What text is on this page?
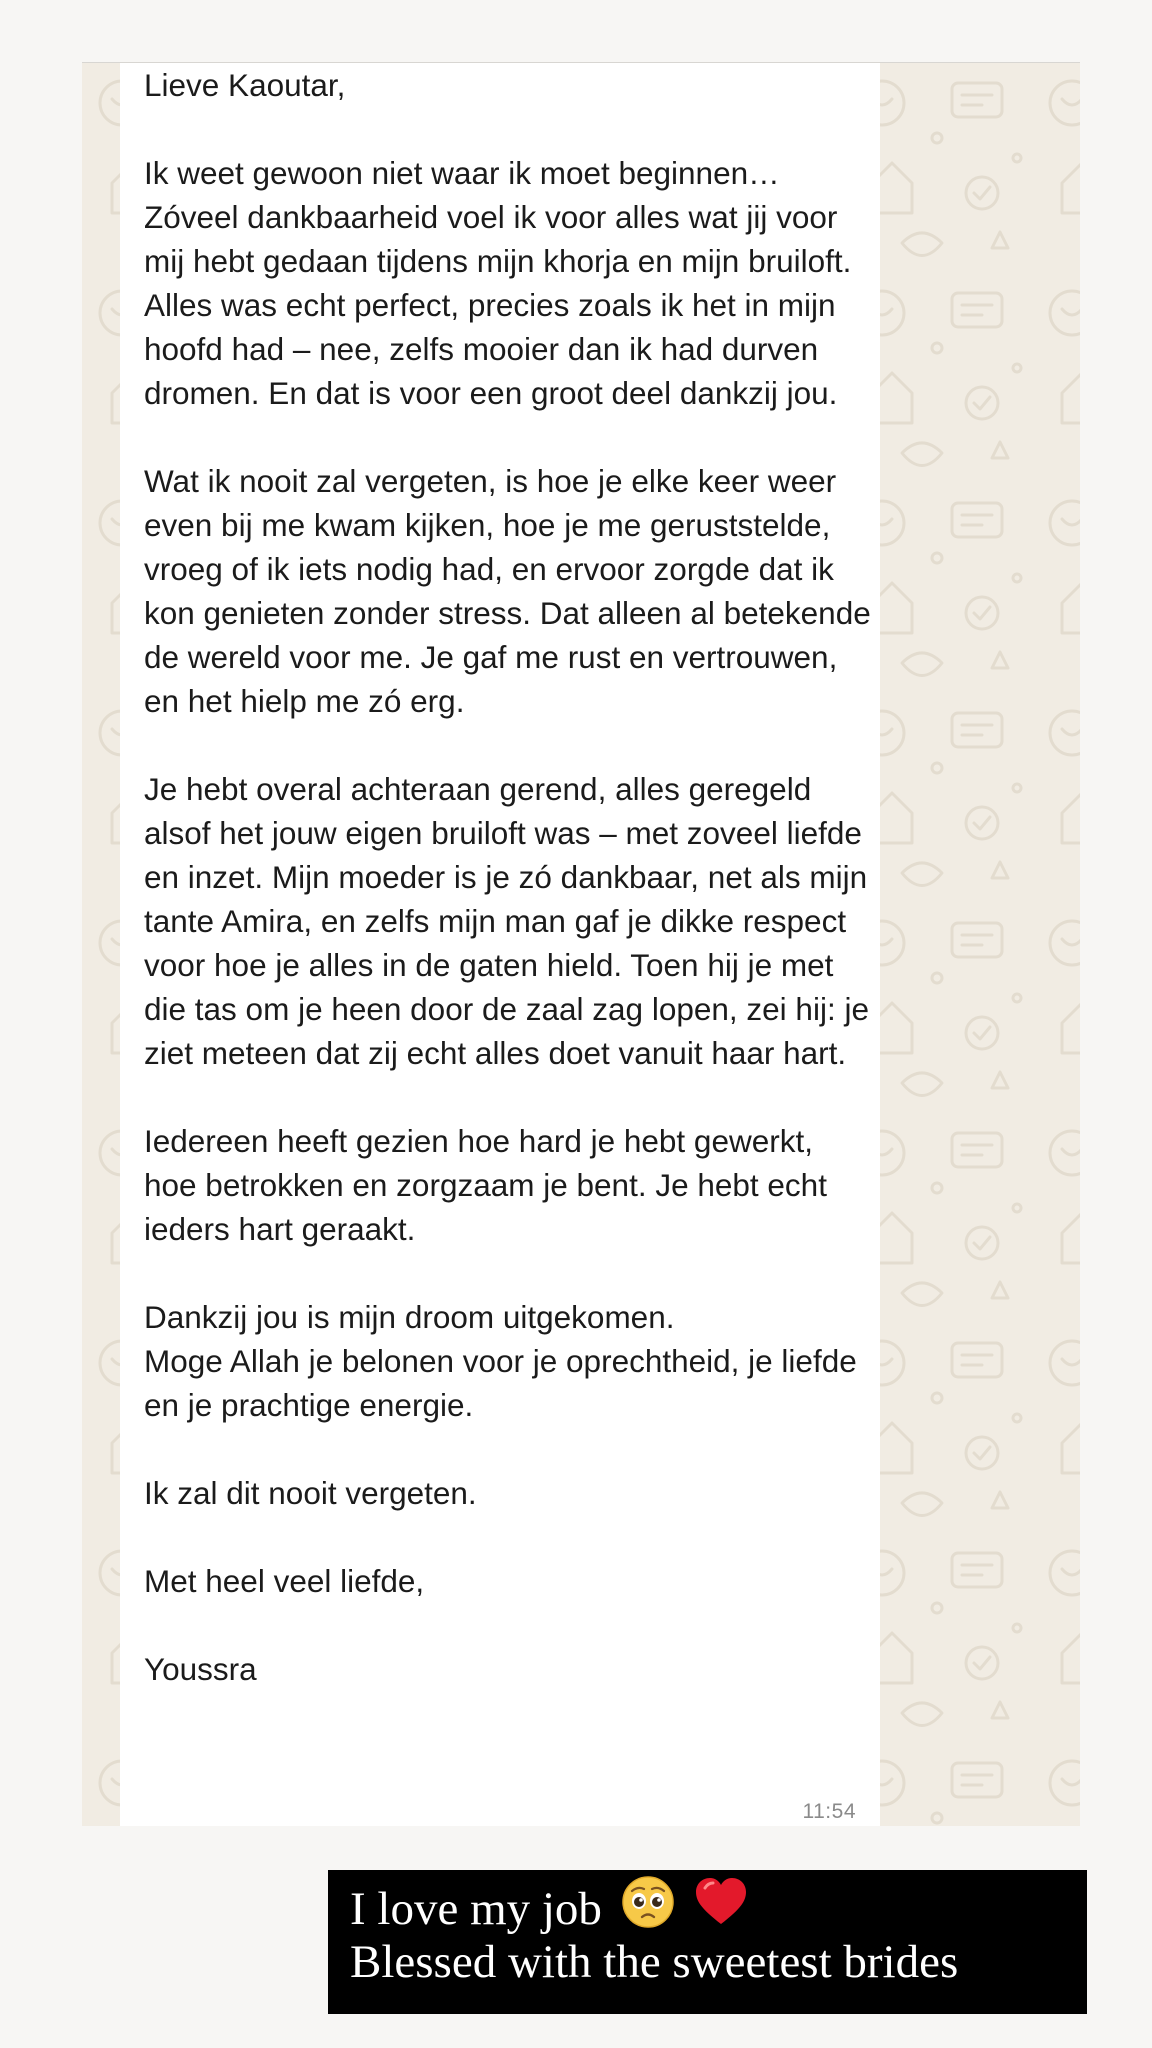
Lieve Kaoutar,

Ik weet gewoon niet waar ik moet beginnen… Zóveel dankbaarheid voel ik voor alles wat jij voor mij hebt gedaan tijdens mijn khorja en mijn bruiloft. Alles was echt perfect, precies zoals ik het in mijn hoofd had – nee, zelfs mooier dan ik had durven dromen. En dat is voor een groot deel dankzij jou.

Wat ik nooit zal vergeten, is hoe je elke keer weer even bij me kwam kijken, hoe je me geruststelde, vroeg of ik iets nodig had, en ervoor zorgde dat ik kon genieten zonder stress. Dat alleen al betekende de wereld voor me. Je gaf me rust en vertrouwen, en het hielp me zó erg.

Je hebt overal achteraan gerend, alles geregeld alsof het jouw eigen bruiloft was – met zoveel liefde en inzet. Mijn moeder is je zó dankbaar, net als mijn tante Amira, en zelfs mijn man gaf je dikke respect voor hoe je alles in de gaten hield. Toen hij je met die tas om je heen door de zaal zag lopen, zei hij: je ziet meteen dat zij echt alles doet vanuit haar hart.

Iedereen heeft gezien hoe hard je hebt gewerkt, hoe betrokken en zorgzaam je bent. Je hebt echt ieders hart geraakt.

Dankzij jou is mijn droom uitgekomen.
Moge Allah je belonen voor je oprechtheid, je liefde en je prachtige energie.

Ik zal dit nooit vergeten.

Met heel veel liefde,

Youssra

11:54
I love my job
Blessed with the sweetest brides
